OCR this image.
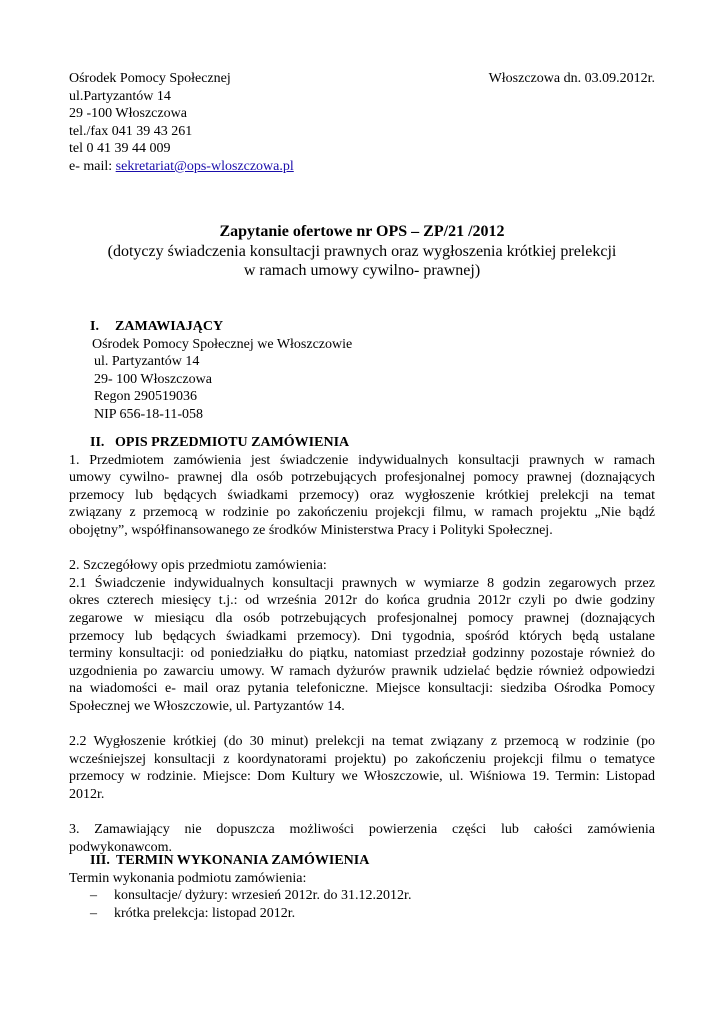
Ośrodek Pomocy Społecznej	Włoszczowa dn. 03.09.2012r.
ul.Partyzantów 14
29 -100 Włoszczowa
tel./fax 041 39 43 261
tel 0 41 39 44 009
e- mail: sekretariat@ops-wloszczowa.pl
Zapytanie ofertowe nr OPS – ZP/21 /2012
(dotyczy świadczenia konsultacji prawnych oraz wygłoszenia krótkiej prelekcji
w ramach umowy cywilno- prawnej)
I. ZAMAWIAJĄCY
Ośrodek Pomocy Społecznej we Włoszczowie
ul. Partyzantów 14
29- 100 Włoszczowa
Regon 290519036
NIP 656-18-11-058
II. OPIS PRZEDMIOTU ZAMÓWIENIA
1. Przedmiotem zamówienia jest świadczenie indywidualnych konsultacji prawnych w ramach
umowy cywilno- prawnej dla osób potrzebujących profesjonalnej pomocy prawnej (doznających
przemocy lub będących świadkami przemocy) oraz wygłoszenie krótkiej prelekcji na temat
związany z przemocą w rodzinie po zakończeniu projekcji filmu, w ramach projektu „Nie bądź
obojętny”, współfinansowanego ze środków Ministerstwa Pracy i Polityki Społecznej.
2. Szczegółowy opis przedmiotu zamówienia:
2.1 Świadczenie indywidualnych konsultacji prawnych w wymiarze 8 godzin zegarowych przez
okres czterech miesięcy t.j.: od września 2012r do końca grudnia 2012r czyli po dwie godziny
zegarowe w miesiącu dla osób potrzebujących profesjonalnej pomocy prawnej (doznających
przemocy lub będących świadkami przemocy). Dni tygodnia, spośród których będą ustalane
terminy konsultacji: od poniedziałku do piątku, natomiast przedział godzinny pozostaje również do
uzgodnienia po zawarciu umowy. W ramach dyżurów prawnik udzielać będzie również odpowiedzi
na wiadomości e- mail oraz pytania telefoniczne. Miejsce konsultacji: siedziba Ośrodka Pomocy
Społecznej we Włoszczowie, ul. Partyzantów 14.
2.2 Wygłoszenie krótkiej (do 30 minut) prelekcji na temat związany z przemocą w rodzinie (po
wcześniejszej konsultacji z koordynatorami projektu) po zakończeniu projekcji filmu o tematyce
przemocy w rodzinie. Miejsce: Dom Kultury we Włoszczowie, ul. Wiśniowa 19. Termin: Listopad
2012r.
3. Zamawiający nie dopuszcza możliwości powierzenia części lub całości zamówienia
podwykonawcom.
III. TERMIN WYKONANIA ZAMÓWIENIA
Termin wykonania podmiotu zamówienia:
– konsultacje/ dyżury: wrzesień 2012r. do 31.12.2012r.
– krótka prelekcja: listopad 2012r.
